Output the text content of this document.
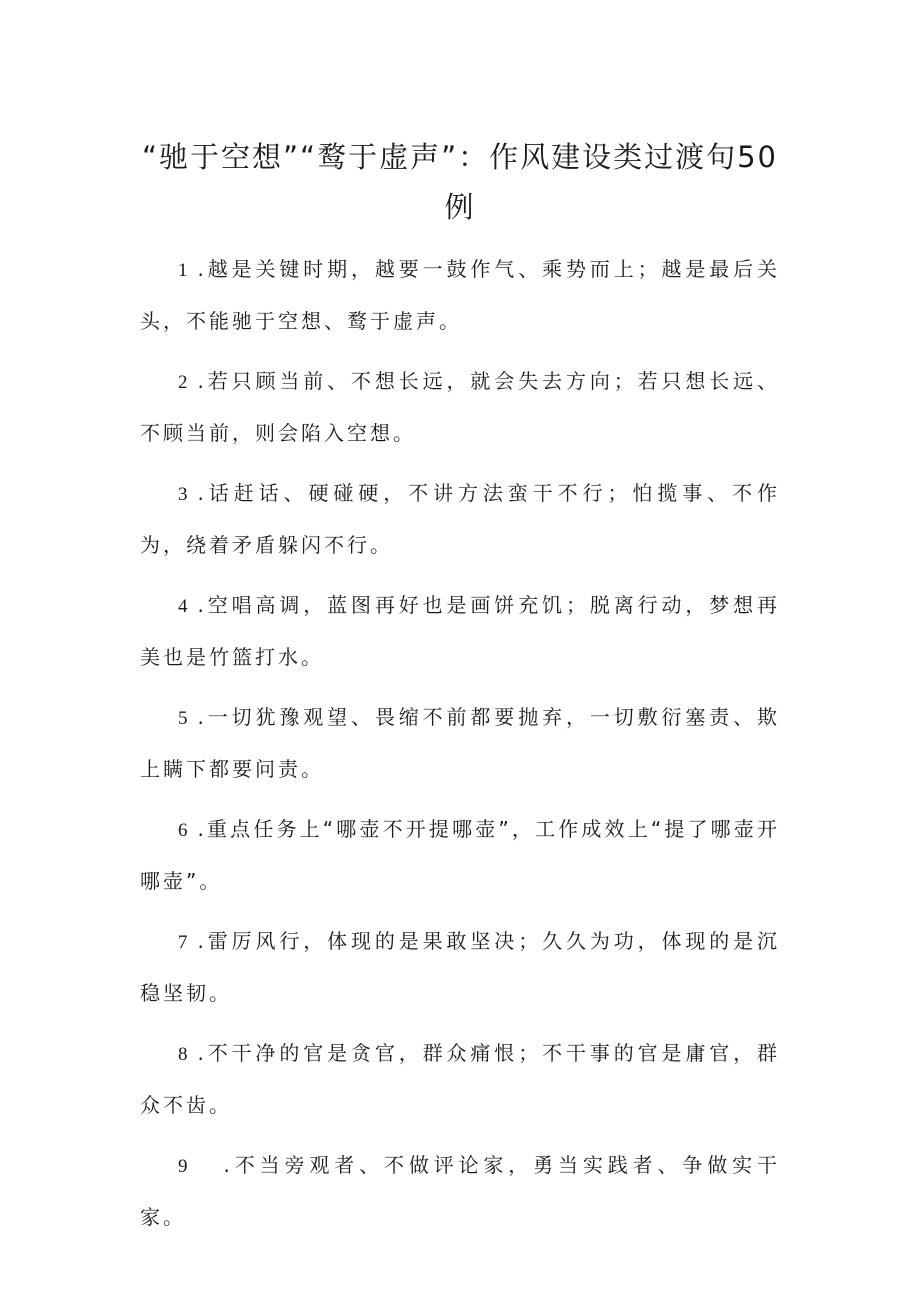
“驰于空想”“鹜于虚声”：作风建设类过渡句50例
1 .越是关键时期，越要一鼓作气、乘势而上；越是最后关头，不能驰于空想、鹜于虚声。
2 .若只顾当前、不想长远，就会失去方向；若只想长远、不顾当前，则会陷入空想。
3 .话赶话、硬碰硬，不讲方法蛮干不行；怕揽事、不作为，绕着矛盾躲闪不行。
4 .空唱高调，蓝图再好也是画饼充饥；脱离行动，梦想再美也是竹篮打水。
5 .一切犹豫观望、畏缩不前都要抛弃，一切敷衍塞责、欺上瞒下都要问责。
6 .重点任务上“哪壶不开提哪壶”，工作成效上“提了哪壶开哪壶”。
7 .雷厉风行，体现的是果敢坚决；久久为功，体现的是沉稳坚韧。
8 .不干净的官是贪官，群众痛恨；不干事的官是庸官，群众不齿。
9 .不当旁观者、不做评论家，勇当实践者、争做实干家。
